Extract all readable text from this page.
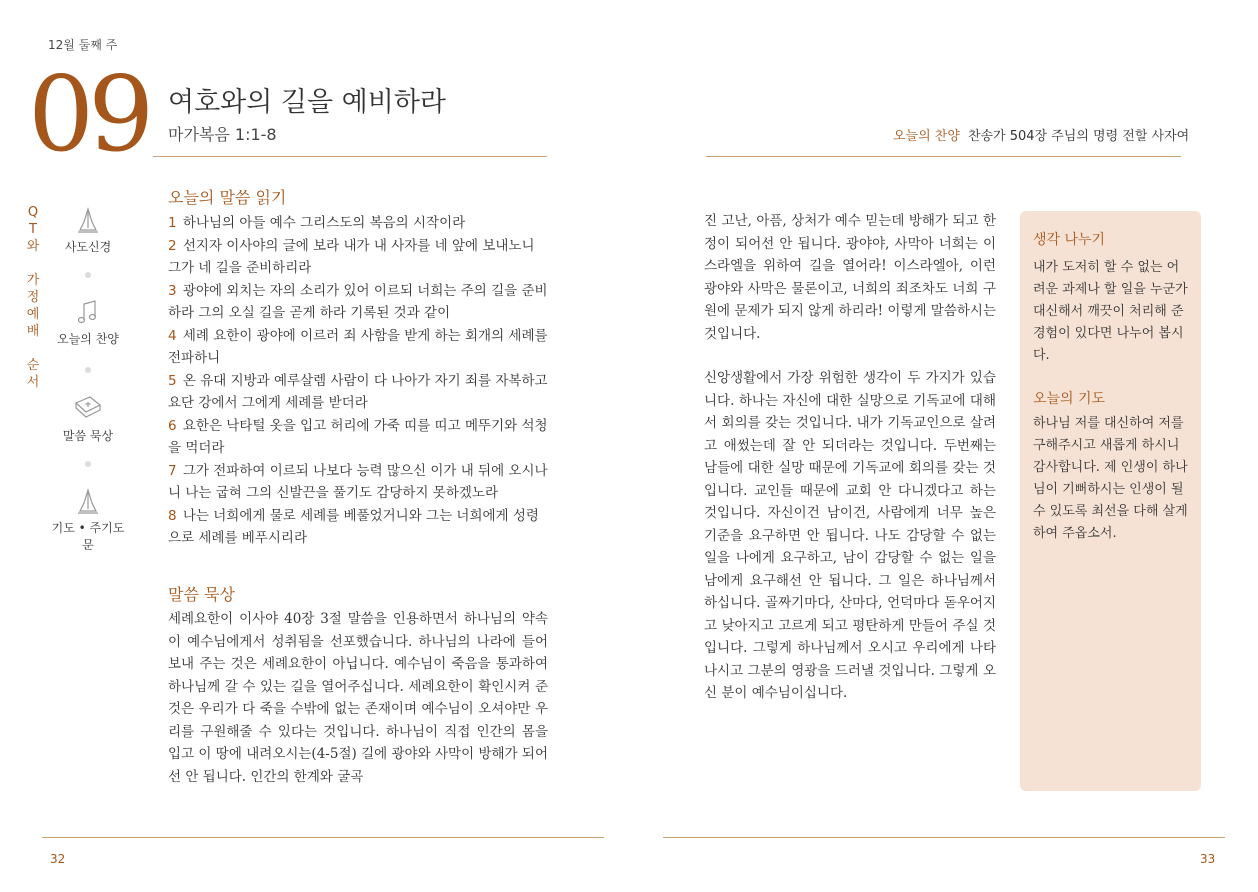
12월 둘째 주
09 여호와의 길을 예비하라
마가복음 1:1-8	오늘의 찬양 찬송가 504장 주님의 명령 전할 사자여
Q
T
와

가
정
예
배

순
서
사도신경
오늘의 찬양
말씀 묵상
기도 • 주기도문
오늘의 말씀 읽기

1 하나님의 아들 예수 그리스도의 복음의 시작이라

2 선지자 이사야의 글에 보라 내가 내 사자를 네 앞에 보내노니 그가 네 길을 준비하리라

3 광야에 외치는 자의 소리가 있어 이르되 너희는 주의 길을 준비하라 그의 오실 길을 곧게 하라 기록된 것과 같이

4 세례 요한이 광야에 이르러 죄 사함을 받게 하는 회개의 세례를 전파하니

5 온 유대 지방과 예루살렘 사람이 다 나아가 자기 죄를 자복하고 요단 강에서 그에게 세례를 받더라

6 요한은 낙타털 옷을 입고 허리에 가죽 띠를 띠고 메뚜기와 석청을 먹더라

7 그가 전파하여 이르되 나보다 능력 많으신 이가 내 뒤에 오시나니 나는 굽혀 그의 신발끈을 풀기도 감당하지 못하겠노라

8 나는 너희에게 물로 세례를 베풀었거니와 그는 너희에게 성령으로 세례를 베푸시리라

말씀 묵상
세례요한이 이사야 40장 3절 말씀을 인용하면서 하나님의 약속이 예수님에게서 성취됨을 선포했습니다. 하나님의 나라에 들어보내 주는 것은 세례요한이 아닙니다. 예수님이 죽음을 통과하여 하나님께 갈 수 있는 길을 열어주십니다. 세례요한이 확인시켜 준 것은 우리가 다 죽을 수밖에 없는 존재이며 예수님이 오셔야만 우리를 구원해줄 수 있다는 것입니다. 하나님이 직접 인간의 몸을 입고 이 땅에 내려오시는(4-5절) 길에 광야와 사막이 방해가 되어선 안 됩니다. 인간의 한계와 굴곡

진 고난, 아픔, 상처가 예수 믿는데 방해가 되고 한정이 되어선 안 됩니다. 광야야, 사막아 너희는 이스라엘을 위하여 길을 열어라! 이스라엘아, 이런 광야와 사막은 물론이고, 너희의 죄조차도 너희 구원에 문제가 되지 않게 하리라! 이렇게 말씀하시는 것입니다.

신앙생활에서 가장 위험한 생각이 두 가지가 있습니다. 하나는 자신에 대한 실망으로 기독교에 대해서 회의를 갖는 것입니다. 내가 기독교인으로 살려고 애썼는데 잘 안 되더라는 것입니다. 두번째는 남들에 대한 실망 때문에 기독교에 회의를 갖는 것입니다. 교인들 때문에 교회 안 다니겠다고 하는 것입니다. 자신이건 남이건, 사람에게 너무 높은 기준을 요구하면 안 됩니다. 나도 감당할 수 없는 일을 나에게 요구하고, 남이 감당할 수 없는 일을 남에게 요구해선 안 됩니다. 그 일은 하나님께서 하십니다. 골짜기마다, 산마다, 언덕마다 돋우어지고 낮아지고 고르게 되고 평탄하게 만들어 주실 것입니다. 그렇게 하나님께서 오시고 우리에게 나타나시고 그분의 영광을 드러낼 것입니다. 그렇게 오신 분이 예수님이십니다.

생각 나누기
내가 도저히 할 수 없는 어려운 과제나 할 일을 누군가 대신해서 깨끗이 처리해 준 경험이 있다면 나누어 봅시다.
오늘의 기도
하나님 저를 대신하여 저를 구해주시고 새롭게 하시니 감사합니다. 제 인생이 하나님이 기뻐하시는 인생이 될 수 있도록 최선을 다해 살게 하여 주옵소서.
32	33
